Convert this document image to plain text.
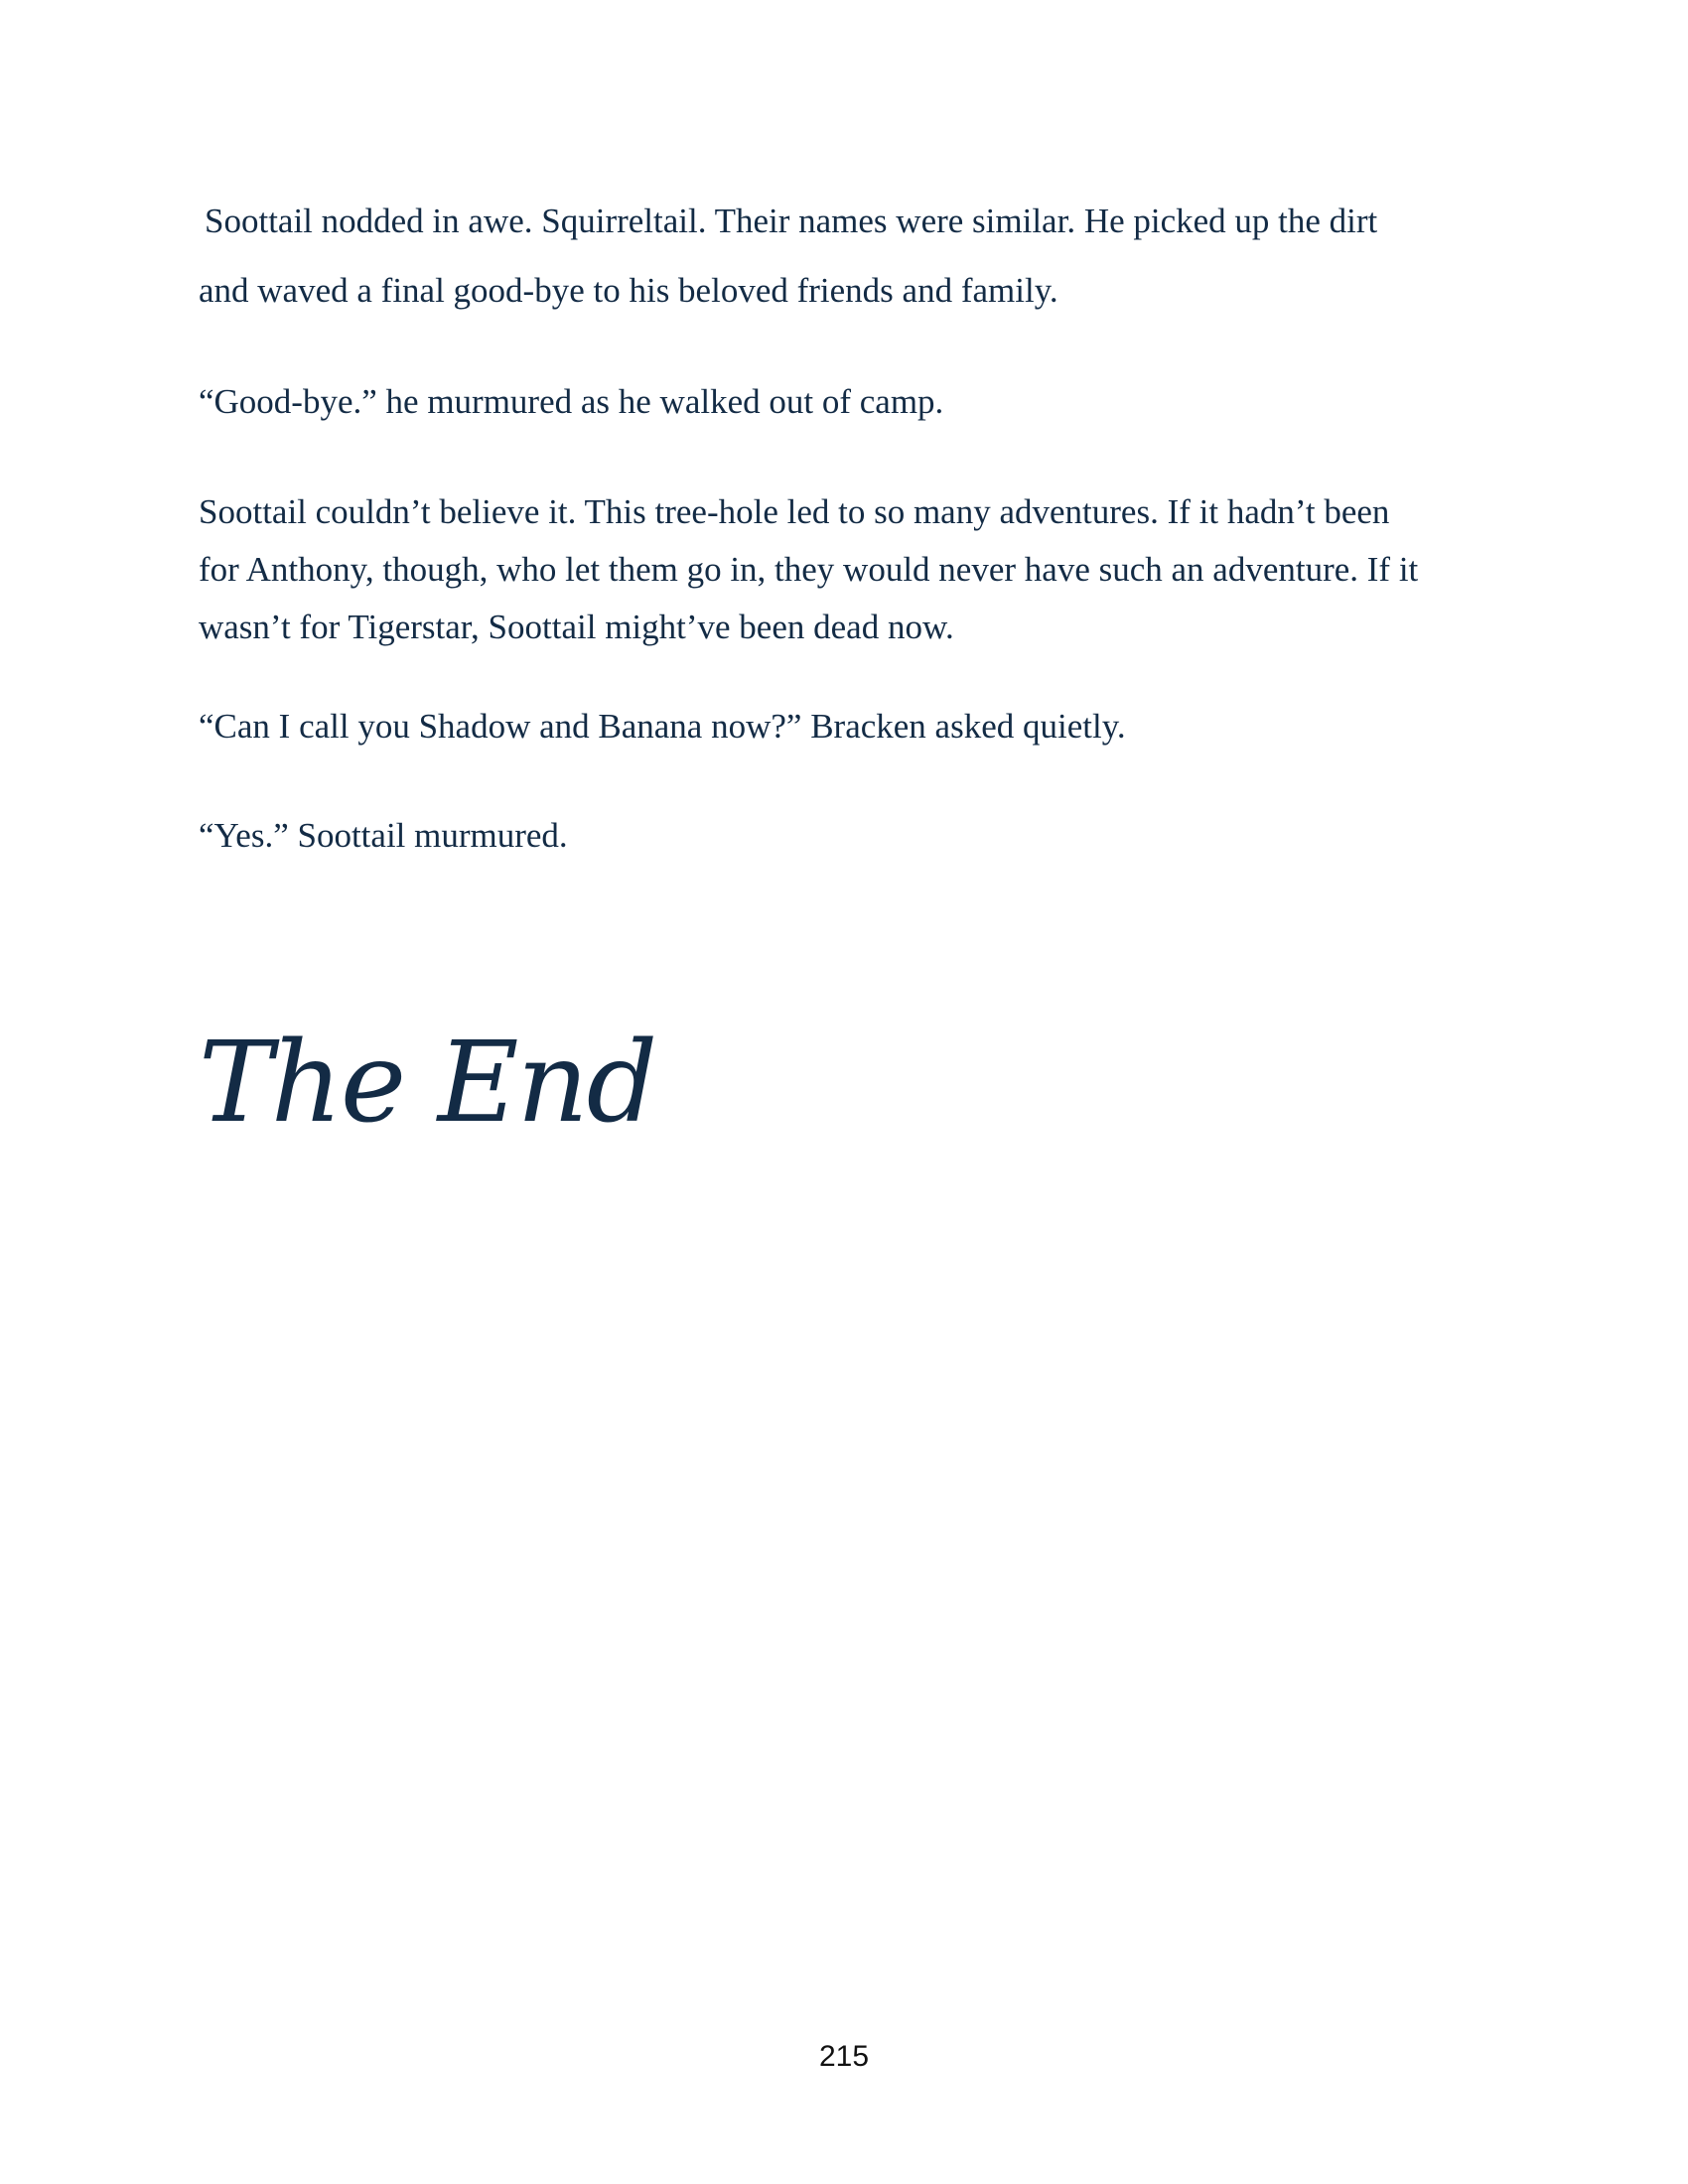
Soottail nodded in awe. Squirreltail. Their names were similar. He picked up the dirt
and waved a final good-bye to his beloved friends and family.
“Good-bye.” he murmured as he walked out of camp.
Soottail couldn’t believe it. This tree-hole led to so many adventures. If it hadn’t been
for Anthony, though, who let them go in, they would never have such an adventure. If it
wasn’t for Tigerstar, Soottail might’ve been dead now.
“Can I call you Shadow and Banana now?” Bracken asked quietly.
“Yes.” Soottail murmured.
The End
215
